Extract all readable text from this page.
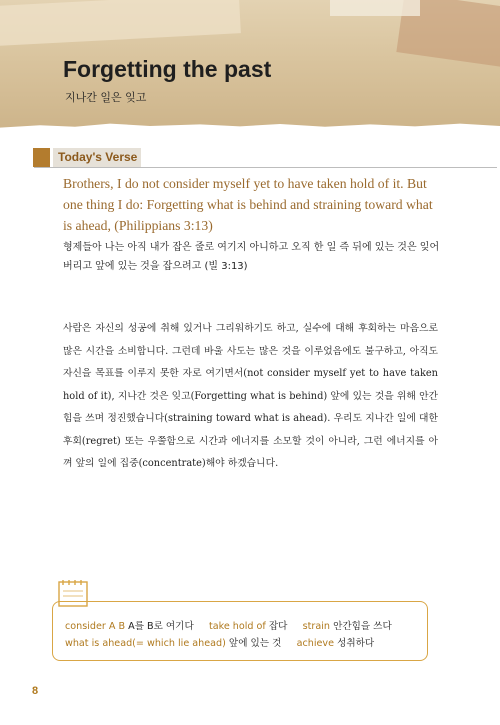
Forgetting the past
지나간 일은 잊고
Today's Verse
Brothers, I do not consider myself yet to have taken hold of it. But one thing I do: Forgetting what is behind and straining toward what is ahead, (Philippians 3:13)
형제들아 나는 아직 내가 잡은 줄로 여기지 아니하고 오직 한 일 즉 뒤에 있는 것은 잊어버리고 앞에 있는 것을 잡으려고 (빌 3:13)
사람은 자신의 성공에 취해 있거나 그리워하기도 하고, 실수에 대해 후회하는 마음으로 많은 시간을 소비합니다. 그런데 바울 사도는 많은 것을 이루었음에도 불구하고, 아직도 자신을 목표를 이루지 못한 자로 여기면서(not consider myself yet to have taken hold of it), 지나간 것은 잊고(Forgetting what is behind) 앞에 있는 것을 위해 안간힘을 쓰며 정진했습니다(straining toward what is ahead). 우리도 지나간 일에 대한 후회(regret) 또는 우쭐함으로 시간과 에너지를 소모할 것이 아니라, 그런 에너지를 아껴 앞의 일에 집중(concentrate)해야 하겠습니다.
consider A B A를 B로 여기다 take hold of 잡다 strain 안간힘을 쓰다
what is ahead(= which lie ahead) 앞에 있는 것 achieve 성취하다
8
